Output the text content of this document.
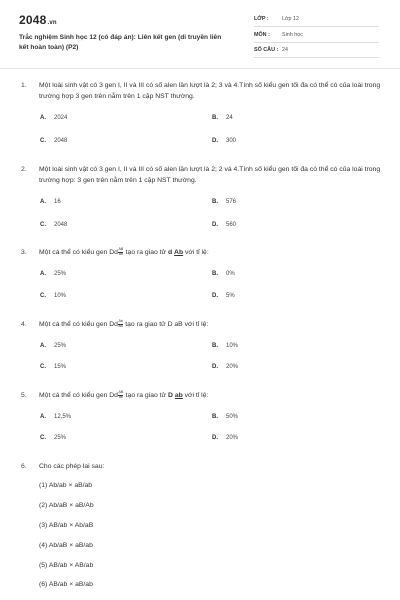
2048.vn
Trắc nghiệm Sinh học 12 (có đáp án): Liên kết gen (di truyền liên kết hoàn toàn) (P2)
LỚP : Lớp 12
MÔN : Sinh học
SỐ CÂU : 24
1. Một loài sinh vật có 3 gen I, II và III có số alen lần lượt là 2; 3 và 4.Tính số kiểu gen tối đa có thể có của loài trong trường hợp 3 gen trên nằm trên 1 cặp NST thường.
A. 2024	B. 24
C. 2048	D. 300
2. Một loài sinh vật có 3 gen I, II và III có số alen lần lượt là 2; 2 và 4.Tính số kiểu gen tối đa có thể có của loài trong trường hợp: 3 gen trên nằm trên 1 cặp NST thường.
A. 16	B. 576
C. 2048	D. 560
3. Một cá thể có kiểu gen Dd $\frac{AB}{ab}$ tạo ra giao tử d Ab với tỉ lệ:
A. 25%	B. 0%
C. 10%	D. 5%
4. Một cá thể có kiểu gen Dd $\frac{Ab}{aB}$ tạo ra giao tử D aB với tỉ lệ:
A. 25%	B. 10%
C. 15%	D. 20%
5. Một cá thể có kiểu gen Dd $\frac{AB}{ab}$ tạo ra giao tử D ab với tỉ lệ:
A. 12,5%	B. 50%
C. 25%	D. 20%
6. Cho các phép lai sau:
(1) Ab/ab × aB/ab
(2) Ab/aB × aB/Ab
(3) AB/ab × Ab/aB
(4) Ab/aB × aB/ab
(5) AB/ab × AB/ab
(6) AB/ab × aB/ab
